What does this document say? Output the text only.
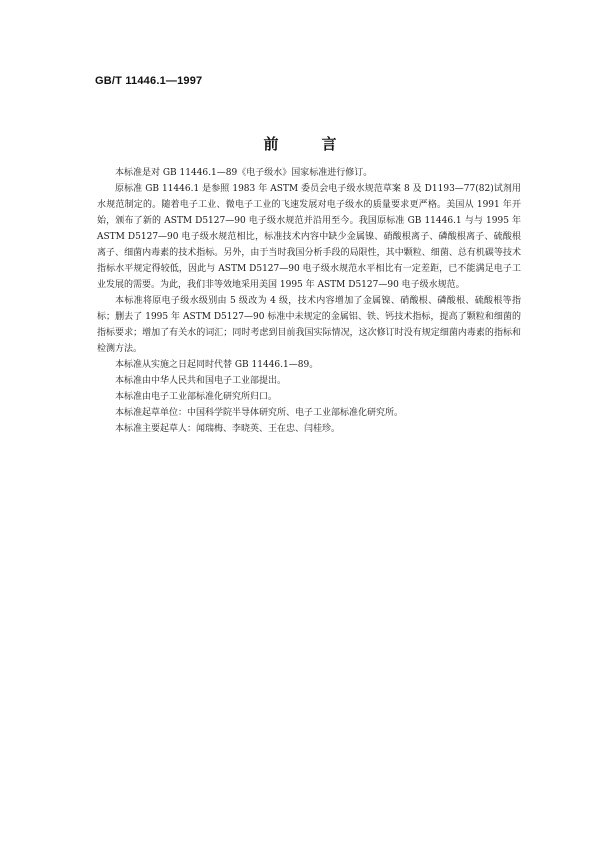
GB/T 11446.1—1997
前　言

本标准是对 GB 11446.1—89《电子级水》国家标准进行修订。

原标准 GB 11446.1 是参照 1983 年 ASTM 委员会电子级水规范草案 8 及 D1193—77(82)试剂用水规范制定的。随着电子工业、微电子工业的飞速发展对电子级水的质量要求更严格。美国从 1991 年开始，颁布了新的 ASTM D5127—90 电子级水规范并沿用至今。我国原标准 GB 11446.1 与与 1995 年 ASTM D5127—90 电子级水规范相比，标准技术内容中缺少金属镍、硝酸根离子、磷酸根离子、硫酸根离子、细菌内毒素的技术指标。另外，由于当时我国分析手段的局限性，其中颗粒、细菌、总有机碳等技术指标水平规定得较低，因此与 ASTM D5127—90 电子级水规范水平相比有一定差距，已不能满足电子工业发展的需要。为此，我们非等效地采用美国 1995 年 ASTM D5127—90 电子级水规范。

本标准将原电子级水级别由 5 级改为 4 级，技术内容增加了金属镍、硝酸根、磷酸根、硫酸根等指标；删去了 1995 年 ASTM D5127—90 标准中未规定的金属铝、铁、钙技术指标，提高了颗粒和细菌的指标要求；增加了有关水的词汇；同时考虑到目前我国实际情况，这次修订时没有规定细菌内毒素的指标和检测方法。

本标准从实施之日起同时代替 GB 11446.1—89。

本标准由中华人民共和国电子工业部提出。

本标准由电子工业部标准化研究所归口。

本标准起草单位：中国科学院半导体研究所、电子工业部标准化研究所。

本标准主要起草人：闻瑞梅、李晓英、王在忠、闫桂珍。
